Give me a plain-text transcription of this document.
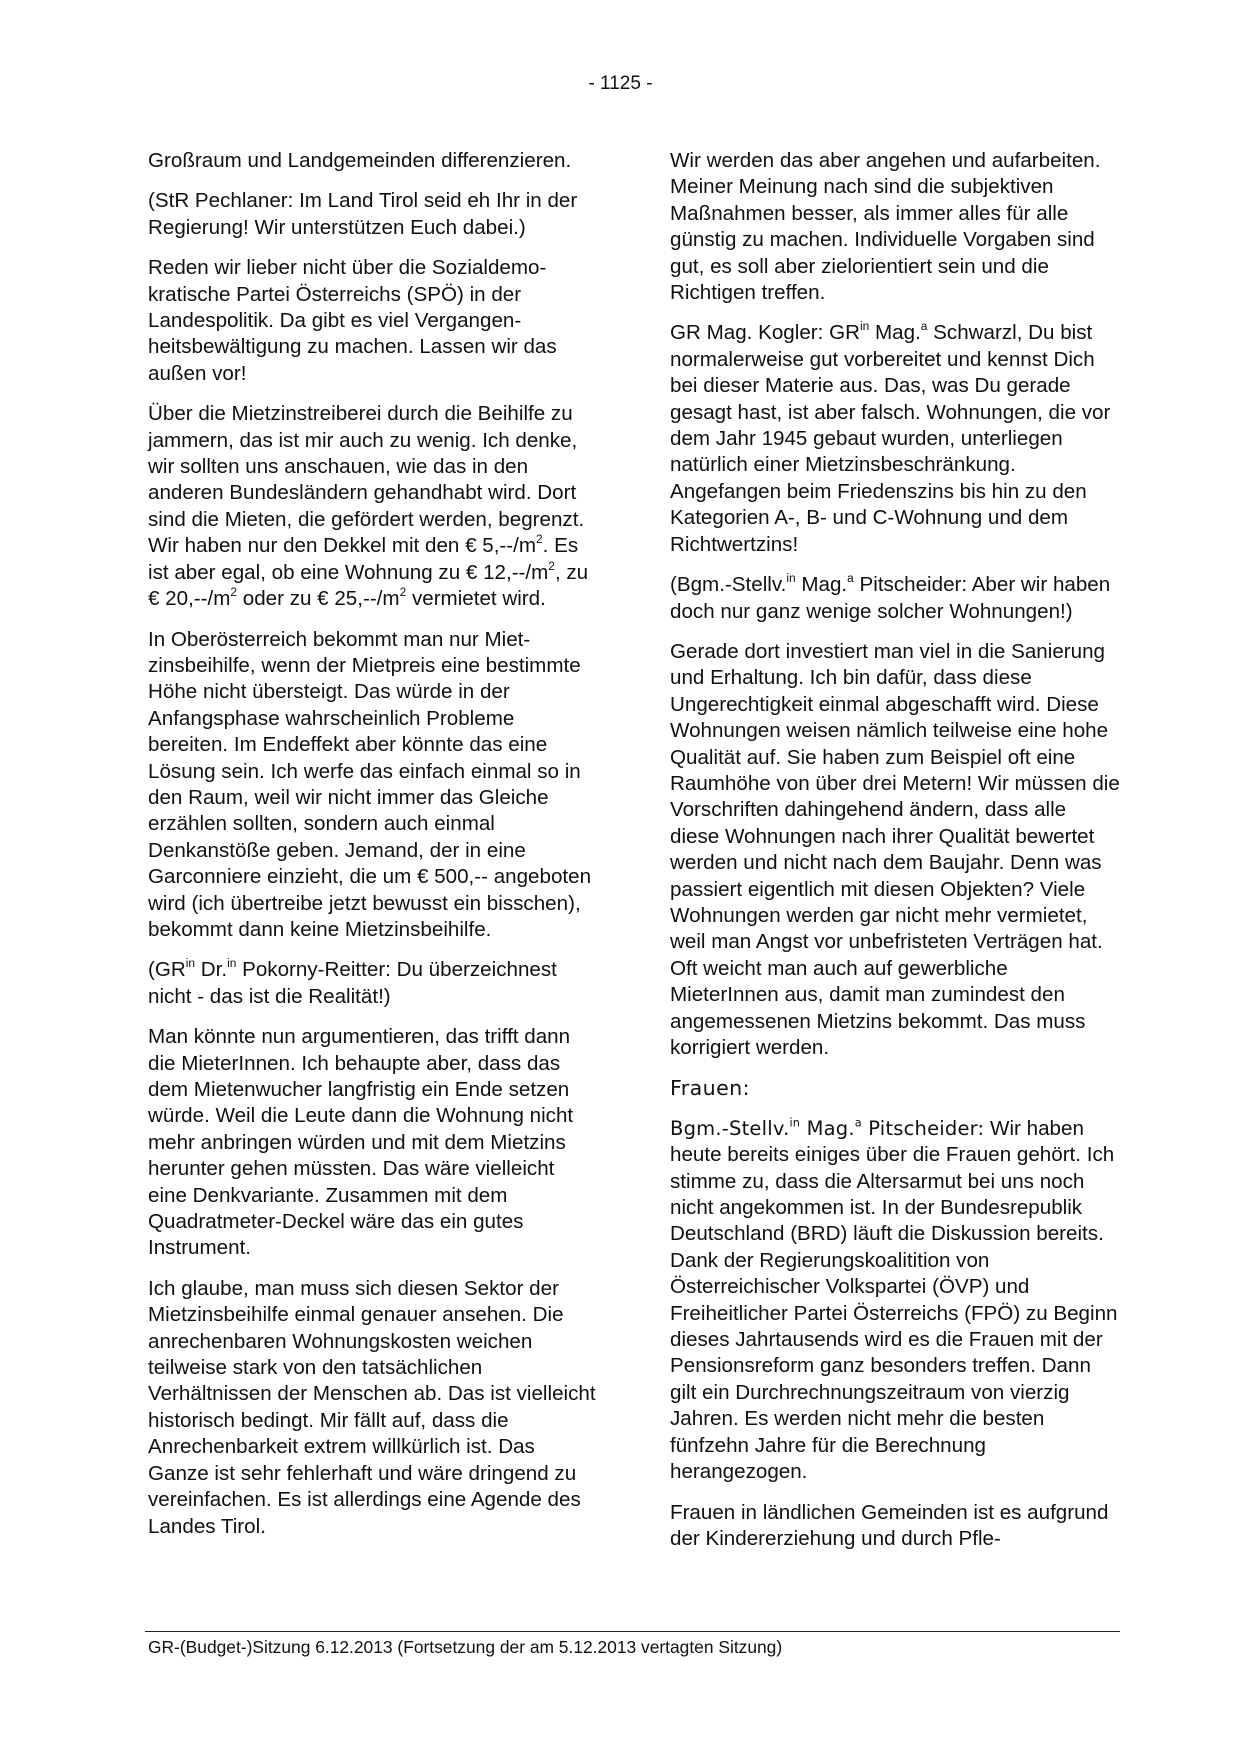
- 1125 -

Großraum und Landgemeinden differenzieren.

(StR Pechlaner: Im Land Tirol seid eh Ihr in der Regierung! Wir unterstützen Euch dabei.)

Reden wir lieber nicht über die Sozialdemokratische Partei Österreichs (SPÖ) in der Landespolitik. Da gibt es viel Vergangenheitsbewältigung zu machen. Lassen wir das außen vor!

Über die Mietzinstreiberei durch die Beihilfe zu jammern, das ist mir auch zu wenig. Ich denke, wir sollten uns anschauen, wie das in den anderen Bundesländern gehandhabt wird. Dort sind die Mieten, die gefördert werden, begrenzt. Wir haben nur den Dekkel mit den € $5,--/m^2$. Es ist aber egal, ob eine Wohnung zu € $12,--/m^2$, zu € $20,--/m^2$ oder zu € $25,--/m^2$ vermietet wird.

In Oberösterreich bekommt man nur Mietzinsbeihilfe, wenn der Mietpreis eine bestimmte Höhe nicht übersteigt. Das würde in der Anfangsphase wahrscheinlich Probleme bereiten. Im Endeffekt aber könnte das eine Lösung sein. Ich werfe das einfach einmal so in den Raum, weil wir nicht immer das Gleiche erzählen sollten, sondern auch einmal Denkanstöße geben. Jemand, der in eine Garconniere einzieht, die um € 500,-- angeboten wird (ich übertreibe jetzt bewusst ein bisschen), bekommt dann keine Mietzinsbeihilfe.

($GR^{in}$ Dr.$^{in}$ Pokorny-Reitter: Du überzeichnest nicht - das ist die Realität!)

Man könnte nun argumentieren, das trifft dann die MieterInnen. Ich behaupte aber, dass das dem Mietenwucher langfristig ein Ende setzen würde. Weil die Leute dann die Wohnung nicht mehr anbringen würden und mit dem Mietzins herunter gehen müssten. Das wäre vielleicht eine Denkvariante. Zusammen mit dem Quadratmeter-Deckel wäre das ein gutes Instrument.

Ich glaube, man muss sich diesen Sektor der Mietzinsbeihilfe einmal genauer ansehen. Die anrechenbaren Wohnungskosten weichen teilweise stark von den tatsächlichen Verhältnissen der Menschen ab. Das ist vielleicht historisch bedingt. Mir fällt auf, dass die Anrechenbarkeit extrem willkürlich ist. Das Ganze ist sehr fehlerhaft und wäre dringend zu vereinfachen. Es ist allerdings eine Agende des Landes Tirol.

Wir werden das aber angehen und aufarbeiten. Meiner Meinung nach sind die subjektiven Maßnahmen besser, als immer alles für alle günstig zu machen. Individuelle Vorgaben sind gut, es soll aber zielorientiert sein und die Richtigen treffen.

GR Mag. Kogler: $GR^{in}$ Mag.$^a$ Schwarzl, Du bist normalerweise gut vorbereitet und kennst Dich bei dieser Materie aus. Das, was Du gerade gesagt hast, ist aber falsch. Wohnungen, die vor dem Jahr 1945 gebaut wurden, unterliegen natürlich einer Mietzinsbeschränkung. Angefangen beim Friedenszins bis hin zu den Kategorien A-, B- und C-Wohnung und dem Richtwertzins!

(Bgm.-Stellv.$^{in}$ Mag.$^a$ Pitscheider: Aber wir haben doch nur ganz wenige solcher Wohnungen!)

Gerade dort investiert man viel in die Sanierung und Erhaltung. Ich bin dafür, dass diese Ungerechtigkeit einmal abgeschafft wird. Diese Wohnungen weisen nämlich teilweise eine hohe Qualität auf. Sie haben zum Beispiel oft eine Raumhöhe von über drei Metern! Wir müssen die Vorschriften dahingehend ändern, dass alle diese Wohnungen nach ihrer Qualität bewertet werden und nicht nach dem Baujahr. Denn was passiert eigentlich mit diesen Objekten? Viele Wohnungen werden gar nicht mehr vermietet, weil man Angst vor unbefristeten Verträgen hat. Oft weicht man auch auf gewerbliche MieterInnen aus, damit man zumindest den angemessenen Mietzins bekommt. Das muss korrigiert werden.

Frauen:

Bgm.-Stellv.$^{in}$ Mag.$^a$ Pitscheider: Wir haben heute bereits einiges über die Frauen gehört. Ich stimme zu, dass die Altersarmut bei uns noch nicht angekommen ist. In der Bundesrepublik Deutschland (BRD) läuft die Diskussion bereits. Dank der Regierungskoalitition von Österreichischer Volkspartei (ÖVP) und Freiheitlicher Partei Österreichs (FPÖ) zu Beginn dieses Jahrtausends wird es die Frauen mit der Pensionsreform ganz besonders treffen. Dann gilt ein Durchrechnungszeitraum von vierzig Jahren. Es werden nicht mehr die besten fünfzehn Jahre für die Berechnung herangezogen.

Frauen in ländlichen Gemeinden ist es aufgrund der Kindererziehung und durch Pfle-

GR-(Budget-)Sitzung 6.12.2013 (Fortsetzung der am 5.12.2013 vertagten Sitzung)
